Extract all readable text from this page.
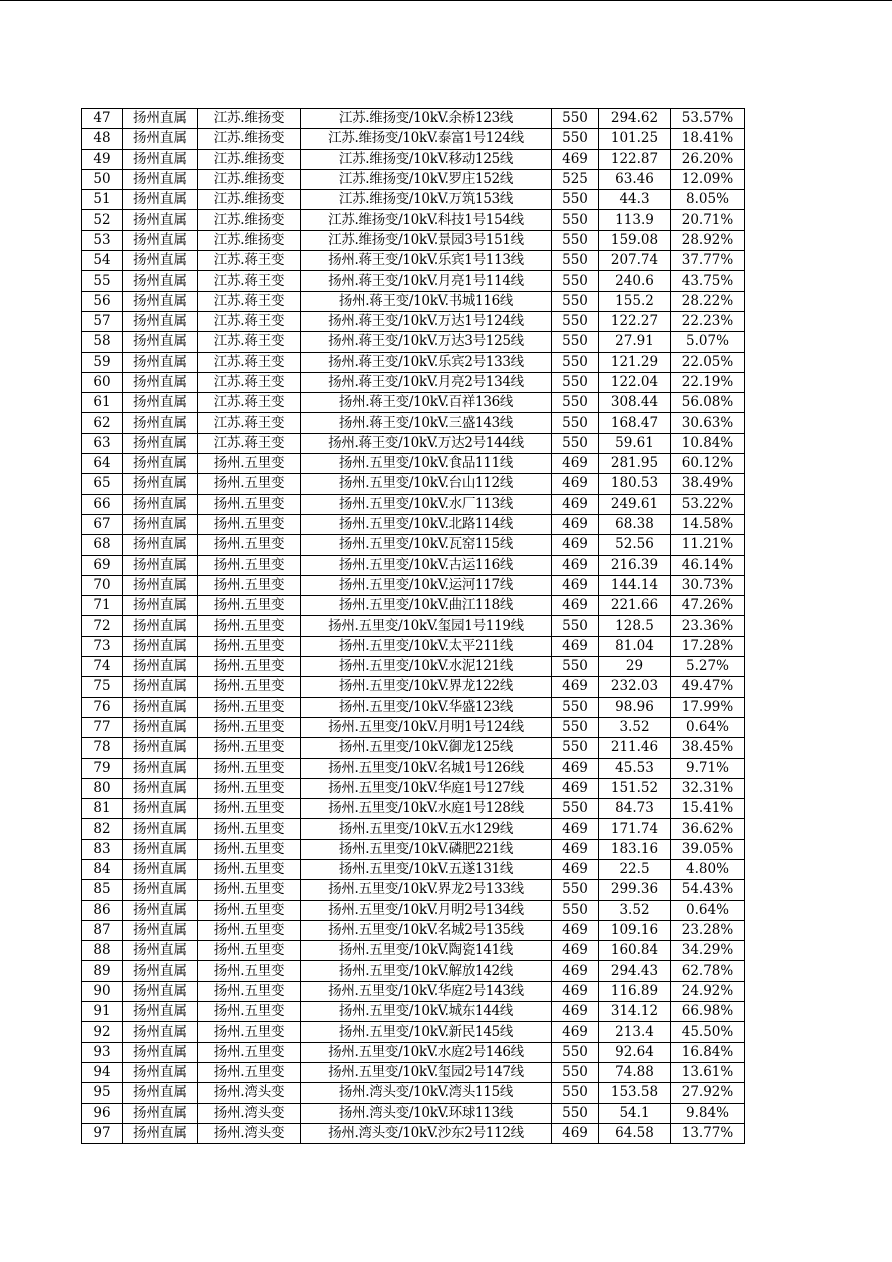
47	扬州直属	江苏.维扬变	江苏.维扬变/10kV.余桥123线	550	294.62	53.57%
48	扬州直属	江苏.维扬变	江苏.维扬变/10kV.泰富1号124线	550	101.25	18.41%
49	扬州直属	江苏.维扬变	江苏.维扬变/10kV.移动125线	469	122.87	26.20%
50	扬州直属	江苏.维扬变	江苏.维扬变/10kV.罗庄152线	525	63.46	12.09%
51	扬州直属	江苏.维扬变	江苏.维扬变/10kV.万筑153线	550	44.3	8.05%
52	扬州直属	江苏.维扬变	江苏.维扬变/10kV.科技1号154线	550	113.9	20.71%
53	扬州直属	江苏.维扬变	江苏.维扬变/10kV.景园3号151线	550	159.08	28.92%
54	扬州直属	江苏.蒋王变	扬州.蒋王变/10kV.乐宾1号113线	550	207.74	37.77%
55	扬州直属	江苏.蒋王变	扬州.蒋王变/10kV.月亮1号114线	550	240.6	43.75%
56	扬州直属	江苏.蒋王变	扬州.蒋王变/10kV.书城116线	550	155.2	28.22%
57	扬州直属	江苏.蒋王变	扬州.蒋王变/10kV.万达1号124线	550	122.27	22.23%
58	扬州直属	江苏.蒋王变	扬州.蒋王变/10kV.万达3号125线	550	27.91	5.07%
59	扬州直属	江苏.蒋王变	扬州.蒋王变/10kV.乐宾2号133线	550	121.29	22.05%
60	扬州直属	江苏.蒋王变	扬州.蒋王变/10kV.月亮2号134线	550	122.04	22.19%
61	扬州直属	江苏.蒋王变	扬州.蒋王变/10kV.百祥136线	550	308.44	56.08%
62	扬州直属	江苏.蒋王变	扬州.蒋王变/10kV.三盛143线	550	168.47	30.63%
63	扬州直属	江苏.蒋王变	扬州.蒋王变/10kV.万达2号144线	550	59.61	10.84%
64	扬州直属	扬州.五里变	扬州.五里变/10kV.食品111线	469	281.95	60.12%
65	扬州直属	扬州.五里变	扬州.五里变/10kV.台山112线	469	180.53	38.49%
66	扬州直属	扬州.五里变	扬州.五里变/10kV.水厂113线	469	249.61	53.22%
67	扬州直属	扬州.五里变	扬州.五里变/10kV.北路114线	469	68.38	14.58%
68	扬州直属	扬州.五里变	扬州.五里变/10kV.瓦窑115线	469	52.56	11.21%
69	扬州直属	扬州.五里变	扬州.五里变/10kV.古运116线	469	216.39	46.14%
70	扬州直属	扬州.五里变	扬州.五里变/10kV.运河117线	469	144.14	30.73%
71	扬州直属	扬州.五里变	扬州.五里变/10kV.曲江118线	469	221.66	47.26%
72	扬州直属	扬州.五里变	扬州.五里变/10kV.玺园1号119线	550	128.5	23.36%
73	扬州直属	扬州.五里变	扬州.五里变/10kV.太平211线	469	81.04	17.28%
74	扬州直属	扬州.五里变	扬州.五里变/10kV.水泥121线	550	29	5.27%
75	扬州直属	扬州.五里变	扬州.五里变/10kV.界龙122线	469	232.03	49.47%
76	扬州直属	扬州.五里变	扬州.五里变/10kV.华盛123线	550	98.96	17.99%
77	扬州直属	扬州.五里变	扬州.五里变/10kV.月明1号124线	550	3.52	0.64%
78	扬州直属	扬州.五里变	扬州.五里变/10kV.御龙125线	550	211.46	38.45%
79	扬州直属	扬州.五里变	扬州.五里变/10kV.名城1号126线	469	45.53	9.71%
80	扬州直属	扬州.五里变	扬州.五里变/10kV.华庭1号127线	469	151.52	32.31%
81	扬州直属	扬州.五里变	扬州.五里变/10kV.水庭1号128线	550	84.73	15.41%
82	扬州直属	扬州.五里变	扬州.五里变/10kV.五水129线	469	171.74	36.62%
83	扬州直属	扬州.五里变	扬州.五里变/10kV.磷肥221线	469	183.16	39.05%
84	扬州直属	扬州.五里变	扬州.五里变/10kV.五遂131线	469	22.5	4.80%
85	扬州直属	扬州.五里变	扬州.五里变/10kV.界龙2号133线	550	299.36	54.43%
86	扬州直属	扬州.五里变	扬州.五里变/10kV.月明2号134线	550	3.52	0.64%
87	扬州直属	扬州.五里变	扬州.五里变/10kV.名城2号135线	469	109.16	23.28%
88	扬州直属	扬州.五里变	扬州.五里变/10kV.陶瓷141线	469	160.84	34.29%
89	扬州直属	扬州.五里变	扬州.五里变/10kV.解放142线	469	294.43	62.78%
90	扬州直属	扬州.五里变	扬州.五里变/10kV.华庭2号143线	469	116.89	24.92%
91	扬州直属	扬州.五里变	扬州.五里变/10kV.城东144线	469	314.12	66.98%
92	扬州直属	扬州.五里变	扬州.五里变/10kV.新民145线	469	213.4	45.50%
93	扬州直属	扬州.五里变	扬州.五里变/10kV.水庭2号146线	550	92.64	16.84%
94	扬州直属	扬州.五里变	扬州.五里变/10kV.玺园2号147线	550	74.88	13.61%
95	扬州直属	扬州.湾头变	扬州.湾头变/10kV.湾头115线	550	153.58	27.92%
96	扬州直属	扬州.湾头变	扬州.湾头变/10kV.环球113线	550	54.1	9.84%
97	扬州直属	扬州.湾头变	扬州.湾头变/10kV.沙东2号112线	469	64.58	13.77%
